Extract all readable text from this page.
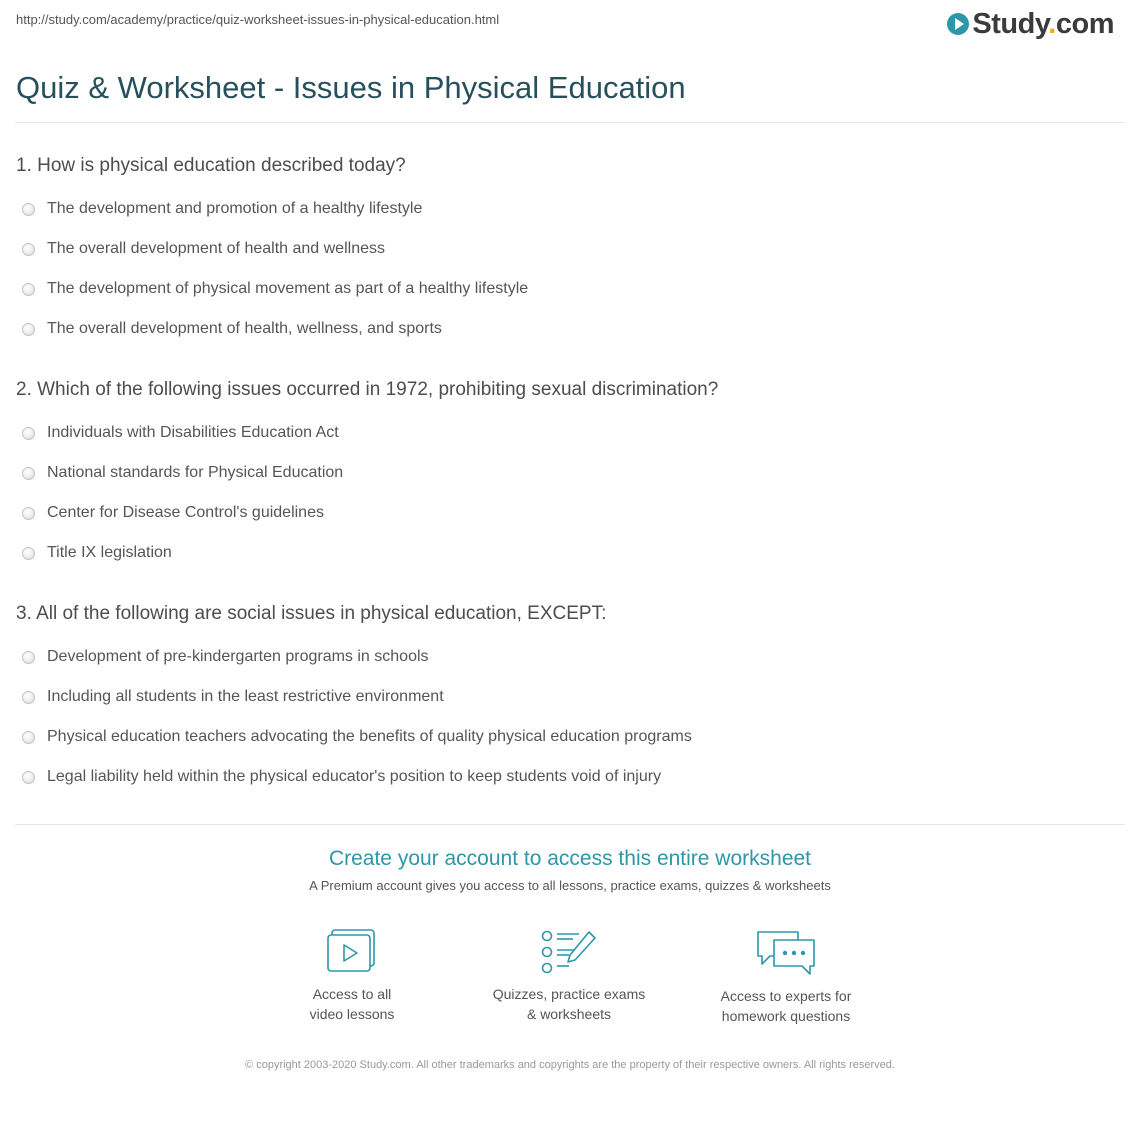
http://study.com/academy/practice/quiz-worksheet-issues-in-physical-education.html	Study.com
Quiz & Worksheet - Issues in Physical Education
1. How is physical education described today?
The development and promotion of a healthy lifestyle
The overall development of health and wellness
The development of physical movement as part of a healthy lifestyle
The overall development of health, wellness, and sports
2. Which of the following issues occurred in 1972, prohibiting sexual discrimination?
Individuals with Disabilities Education Act
National standards for Physical Education
Center for Disease Control's guidelines
Title IX legislation
3. All of the following are social issues in physical education, EXCEPT:
Development of pre-kindergarten programs in schools
Including all students in the least restrictive environment
Physical education teachers advocating the benefits of quality physical education programs
Legal liability held within the physical educator's position to keep students void of injury
Create your account to access this entire worksheet
A Premium account gives you access to all lessons, practice exams, quizzes & worksheets
Access to all
video lessons
Quizzes, practice exams
& worksheets
Access to experts for
homework questions
© copyright 2003-2020 Study.com. All other trademarks and copyrights are the property of their respective owners. All rights reserved.
